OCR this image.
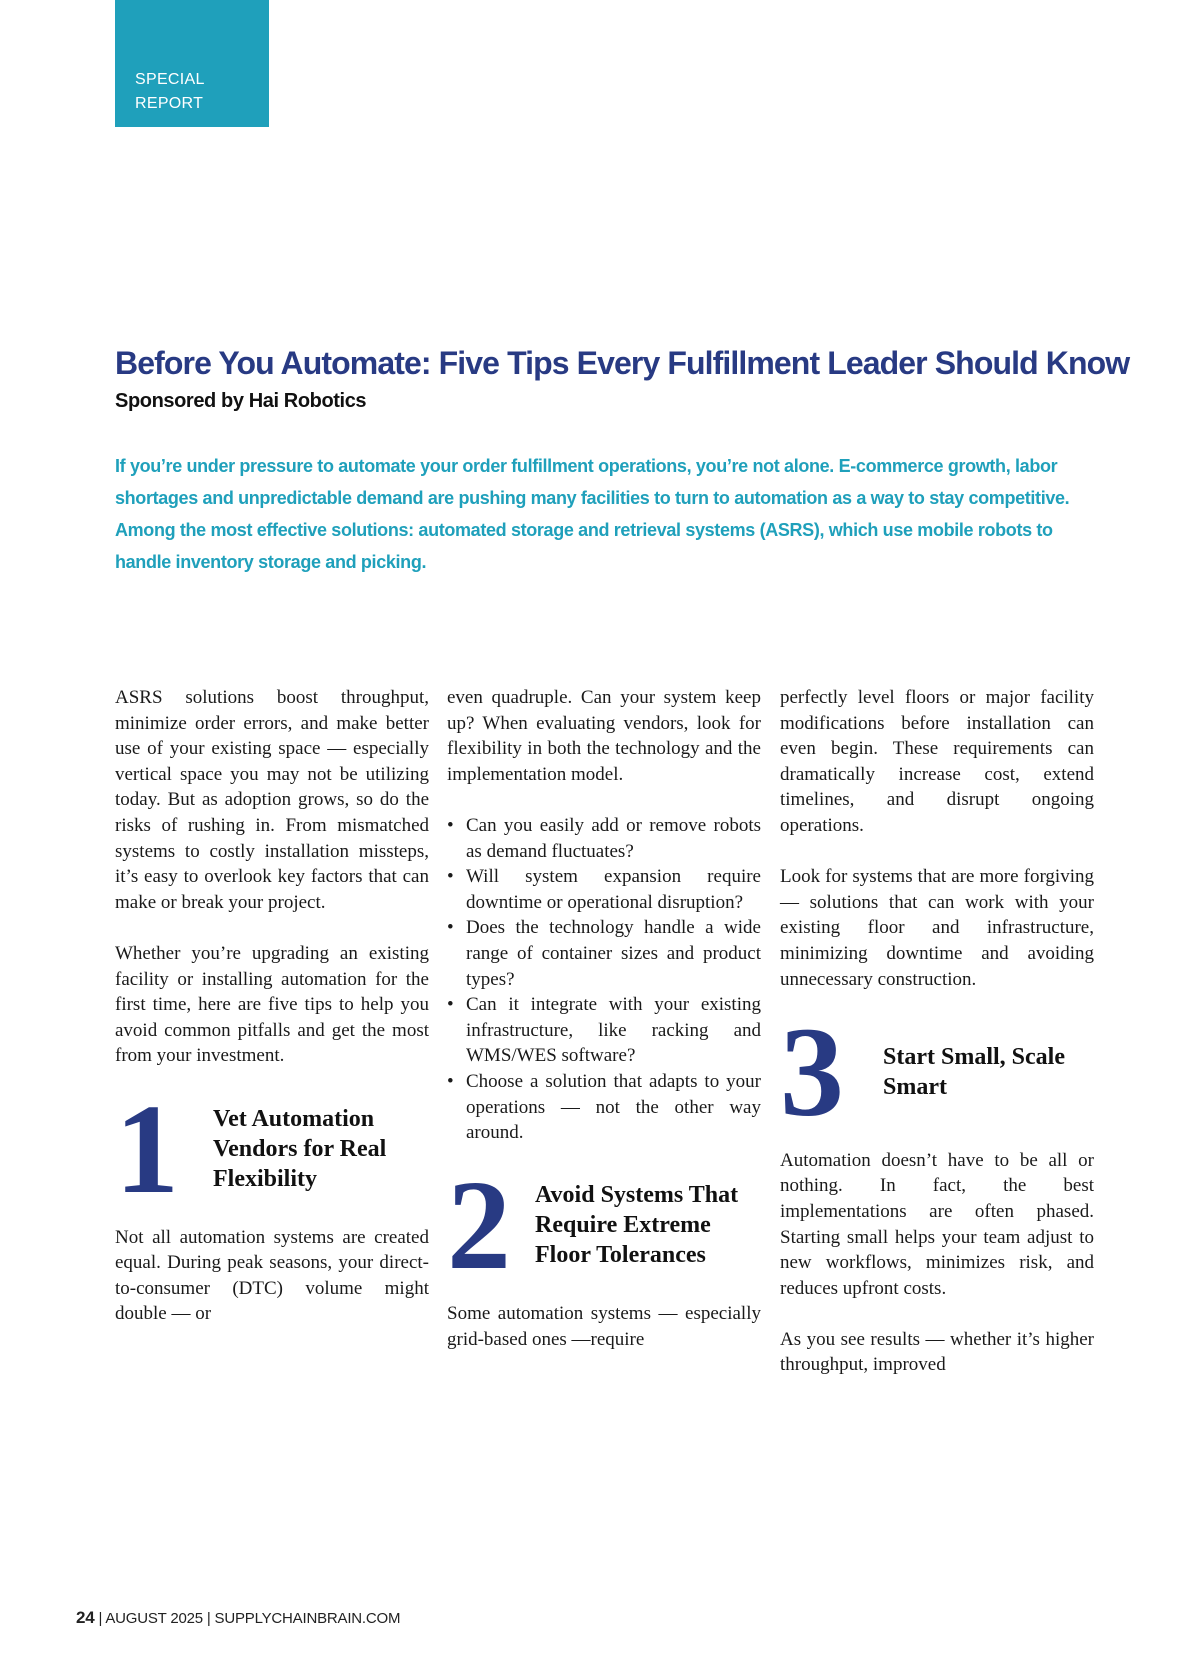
SPECIAL
REPORT
Before You Automate: Five Tips Every Fulfillment Leader Should Know
Sponsored by Hai Robotics

If you’re under pressure to automate your order fulfillment operations, you’re not alone. E-commerce growth, labor shortages and unpredictable demand are pushing many facilities to turn to automation as a way to stay competitive. Among the most effective solutions: automated storage and retrieval systems (ASRS), which use mobile robots to handle inventory storage and picking.

ASRS solutions boost throughput, minimize order errors, and make better use of your existing space — especially vertical space you may not be utilizing today. But as adoption grows, so do the risks of rushing in. From mismatched systems to costly installation missteps, it’s easy to overlook key factors that can make or break your project.

Whether you’re upgrading an existing facility or installing automation for the first time, here are five tips to help you avoid common pitfalls and get the most from your investment.

1	Vet Automation Vendors for Real Flexibility

Not all automation systems are created equal. During peak seasons, your direct-to-consumer (DTC) volume might double — or

even quadruple. Can your system keep up? When evaluating vendors, look for flexibility in both the technology and the implementation model.

• Can you easily add or remove robots as demand fluctuates?
• Will system expansion require downtime or operational disruption?
• Does the technology handle a wide range of container sizes and product types?
• Can it integrate with your existing infrastructure, like racking and WMS/WES software?
• Choose a solution that adapts to your operations — not the other way around.
2	Avoid Systems That Require Extreme Floor Tolerances

Some automation systems — especially grid-based ones —require

perfectly level floors or major facility modifications before installation can even begin. These requirements can dramatically increase cost, extend timelines, and disrupt ongoing operations.

Look for systems that are more forgiving — solutions that can work with your existing floor and infrastructure, minimizing downtime and avoiding unnecessary construction.

3	Start Small, Scale Smart

Automation doesn’t have to be all or nothing. In fact, the best implementations are often phased. Starting small helps your team adjust to new workflows, minimizes risk, and reduces upfront costs.

As you see results — whether it’s higher throughput, improved

24 | AUGUST 2025 | SUPPLYCHAINBRAIN.COM
